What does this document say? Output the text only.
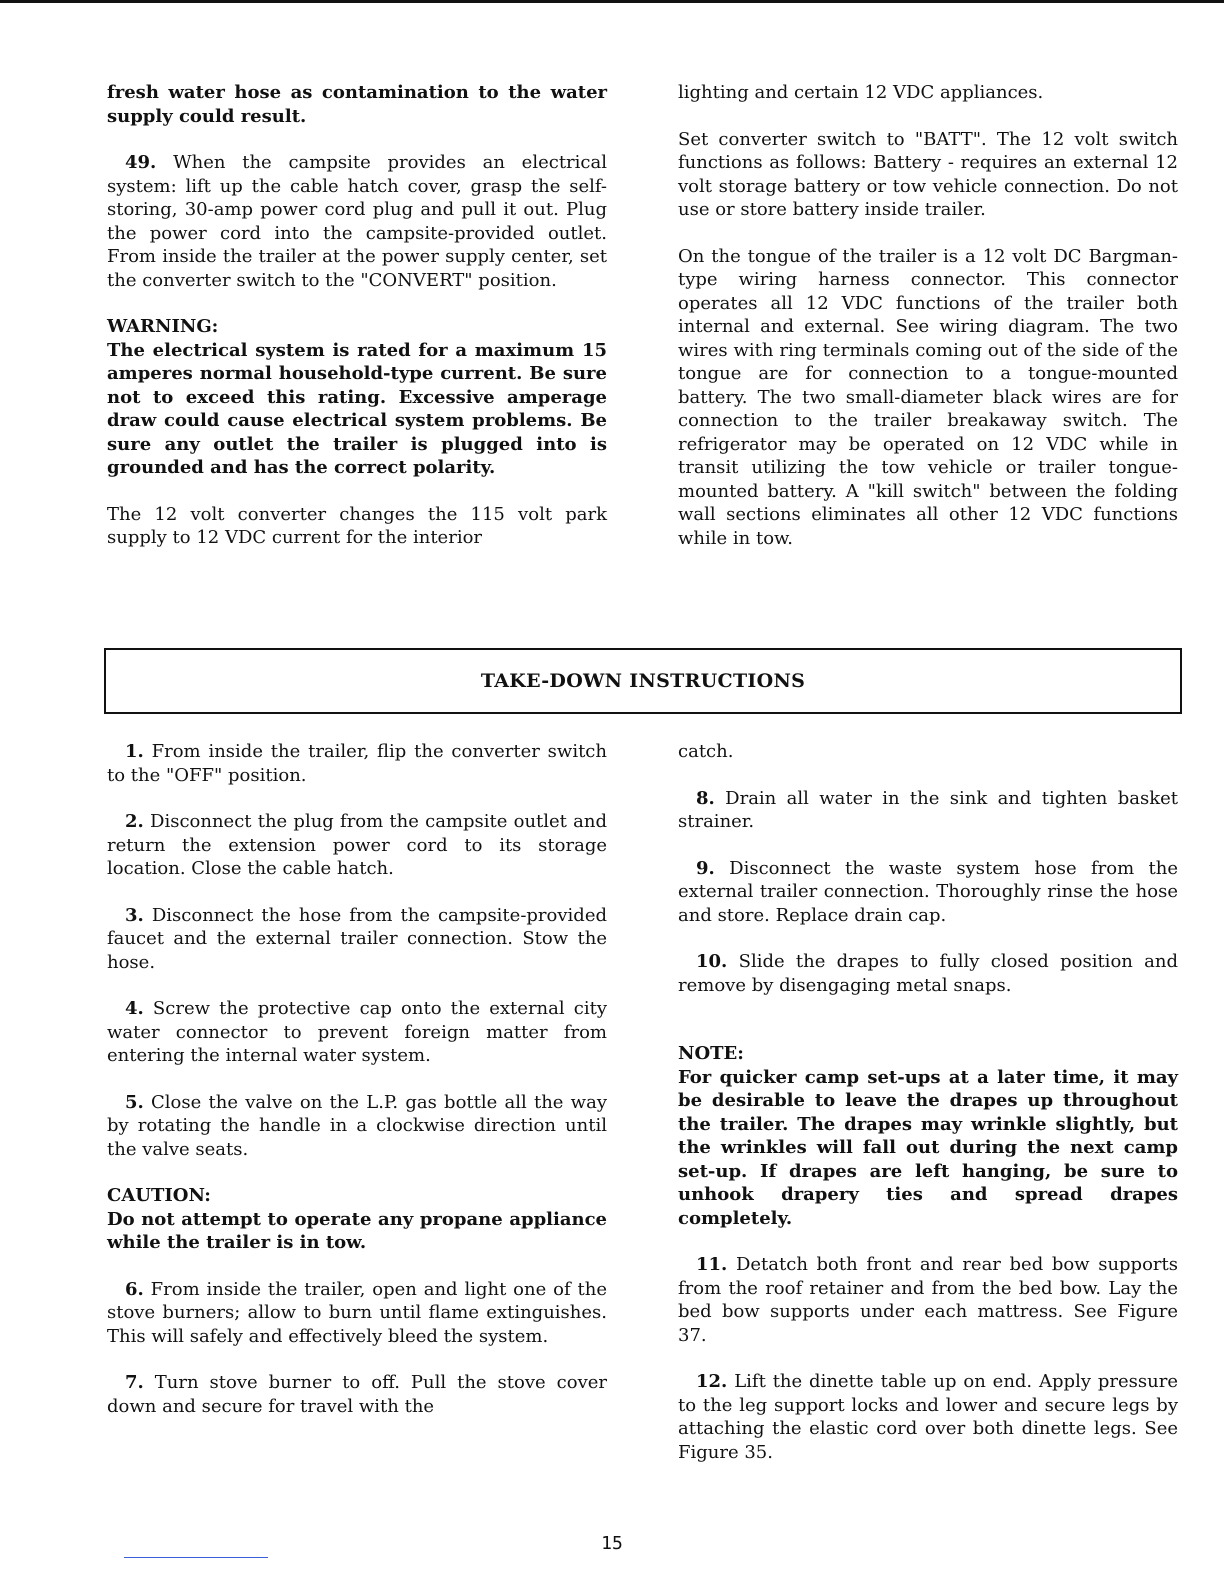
fresh water hose as contamination to the water supply could result.

49. When the campsite provides an electrical system: lift up the cable hatch cover, grasp the self-storing, 30-amp power cord plug and pull it out. Plug the power cord into the campsite-provided outlet. From inside the trailer at the power supply center, set the converter switch to the "CONVERT" position.

WARNING:

The electrical system is rated for a maximum 15 amperes normal household-type current. Be sure not to exceed this rating. Excessive amperage draw could cause electrical system problems. Be sure any outlet the trailer is plugged into is grounded and has the correct polarity.

The 12 volt converter changes the 115 volt park supply to 12 VDC current for the interior

lighting and certain 12 VDC appliances.

Set converter switch to "BATT". The 12 volt switch functions as follows: Battery - requires an external 12 volt storage battery or tow vehicle connection. Do not use or store battery inside trailer.

On the tongue of the trailer is a 12 volt DC Bargman-type wiring harness connector. This connector operates all 12 VDC functions of the trailer both internal and external. See wiring diagram. The two wires with ring terminals coming out of the side of the tongue are for connection to a tongue-mounted battery. The two small-diameter black wires are for connection to the trailer breakaway switch. The refrigerator may be operated on 12 VDC while in transit utilizing the tow vehicle or trailer tongue-mounted battery. A "kill switch" between the folding wall sections eliminates all other 12 VDC functions while in tow.

TAKE-DOWN INSTRUCTIONS

1. From inside the trailer, flip the converter switch to the "OFF" position.

2. Disconnect the plug from the campsite outlet and return the extension power cord to its storage location. Close the cable hatch.

3. Disconnect the hose from the campsite-provided faucet and the external trailer connection. Stow the hose.

4. Screw the protective cap onto the external city water connector to prevent foreign matter from entering the internal water system.

5. Close the valve on the L.P. gas bottle all the way by rotating the handle in a clockwise direction until the valve seats.

CAUTION:

Do not attempt to operate any propane appliance while the trailer is in tow.

6. From inside the trailer, open and light one of the stove burners; allow to burn until flame extinguishes. This will safely and effectively bleed the system.

7. Turn stove burner to off. Pull the stove cover down and secure for travel with the

catch.

8. Drain all water in the sink and tighten basket strainer.

9. Disconnect the waste system hose from the external trailer connection. Thoroughly rinse the hose and store. Replace drain cap.

10. Slide the drapes to fully closed position and remove by disengaging metal snaps.

NOTE:

For quicker camp set-ups at a later time, it may be desirable to leave the drapes up throughout the trailer. The drapes may wrinkle slightly, but the wrinkles will fall out during the next camp set-up. If drapes are left hanging, be sure to unhook drapery ties and spread drapes completely.

11. Detatch both front and rear bed bow supports from the roof retainer and from the bed bow. Lay the bed bow supports under each mattress. See Figure 37.

12. Lift the dinette table up on end. Apply pressure to the leg support locks and lower and secure legs by attaching the elastic cord over both dinette legs. See Figure 35.

15
